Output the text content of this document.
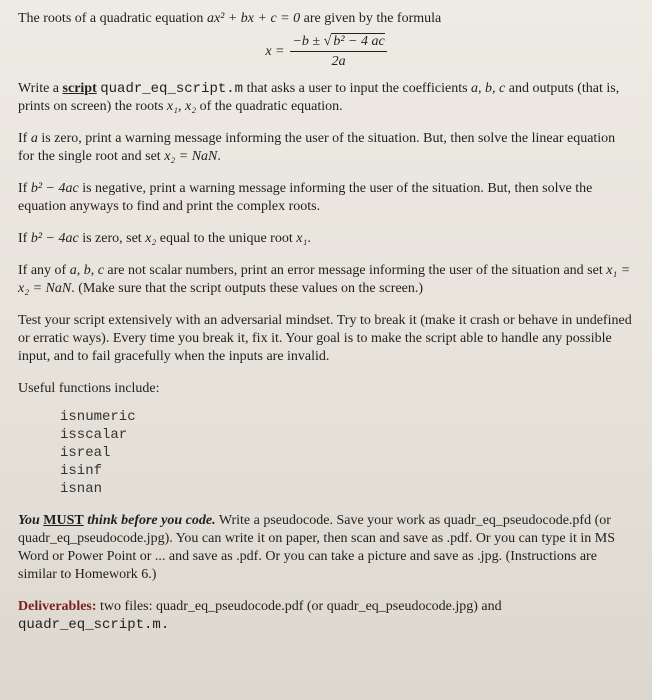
The roots of a quadratic equation ax² + bx + c = 0 are given by the formula

$x = \frac{\text{−b ± √ b² − 4 ac}}{2a}$

Write a script quadr_eq_script.m that asks a user to input the coefficients a, b, c and outputs (that is, prints on screen) the roots x₁, x₂ of the quadratic equation.

If a is zero, print a warning message informing the user of the situation. But, then solve the linear equation for the single root and set x₂ = NaN.

If b² − 4ac is negative, print a warning message informing the user of the situation. But, then solve the equation anyways to find and print the complex roots.

If b² − 4ac is zero, set x₂ equal to the unique root x₁.

If any of a, b, c are not scalar numbers, print an error message informing the user of the situation and set x₁ = x₂ = NaN. (Make sure that the script outputs these values on the screen.)

Test your script extensively with an adversarial mindset. Try to break it (make it crash or behave in undefined or erratic ways). Every time you break it, fix it. Your goal is to make the script able to handle any possible input, and to fail gracefully when the inputs are invalid.

Useful functions include:

isnumeric
isscalar
isreal
isinf
isnan

You MUST think before you code. Write a pseudocode. Save your work as quadr_eq_pseudocode.pfd (or quadr_eq_pseudocode.jpg). You can write it on paper, then scan and save as .pdf. Or you can type it in MS Word or Power Point or ... and save as .pdf. Or you can take a picture and save as .jpg. (Instructions are similar to Homework 6.)

Deliverables: two files: quadr_eq_pseudocode.pdf (or quadr_eq_pseudocode.jpg) and
quadr_eq_script.m.
